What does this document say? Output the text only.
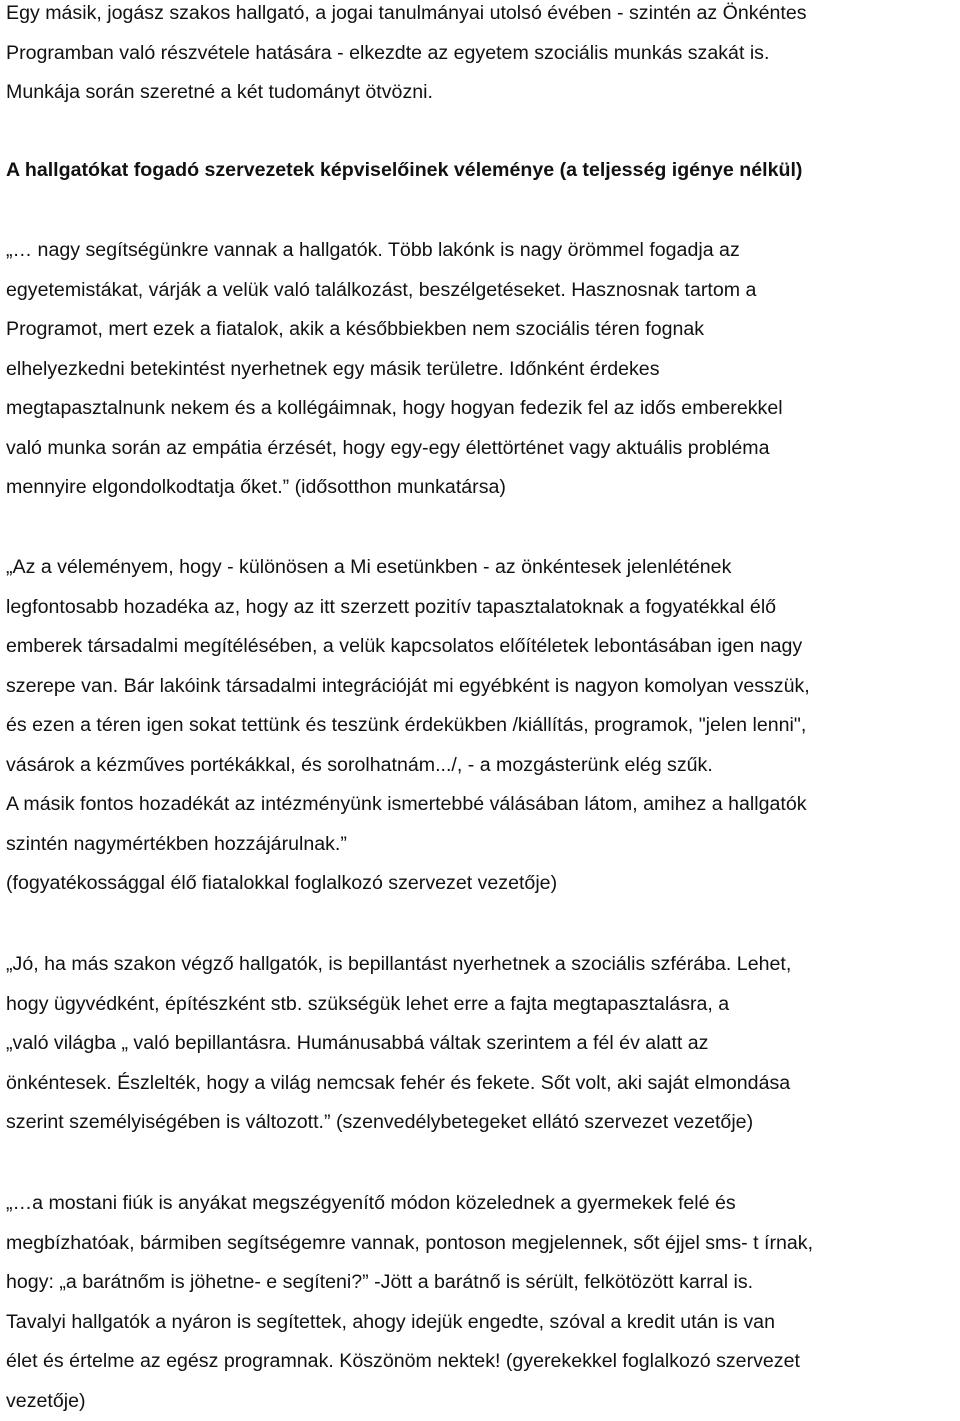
Egy másik, jogász szakos hallgató, a jogai tanulmányai utolsó évében - szintén az Önkéntes
Programban való részvétele hatására - elkezdte az egyetem szociális munkás szakát is.
Munkája során szeretné a két tudományt ötvözni.
A hallgatókat fogadó szervezetek képviselőinek véleménye (a teljesség igénye nélkül)
„… nagy segítségünkre vannak a hallgatók. Több lakónk is nagy örömmel fogadja az
egyetemistákat, várják a velük való találkozást, beszélgetéseket. Hasznosnak tartom a
Programot, mert ezek a fiatalok, akik a későbbiekben nem szociális téren fognak
elhelyezkedni betekintést nyerhetnek egy másik területre. Időnként érdekes
megtapasztalnunk nekem és a kollégáimnak, hogy hogyan fedezik fel az idős emberekkel
való munka során az empátia érzését, hogy egy-egy élettörténet vagy aktuális probléma
mennyire elgondolkodtatja őket.” (idősotthon munkatársa)
„Az a véleményem, hogy - különösen a Mi esetünkben - az önkéntesek jelenlétének
legfontosabb hozadéka az, hogy az itt szerzett pozitív tapasztalatoknak a fogyatékkal élő
emberek társadalmi megítélésében, a velük kapcsolatos előítéletek lebontásában igen nagy
szerepe van. Bár lakóink társadalmi integrációját mi egyébként is nagyon komolyan vesszük,
és ezen a téren igen sokat tettünk és teszünk érdekükben /kiállítás, programok, "jelen lenni",
vásárok a kézműves portékákkal, és sorolhatnám.../, - a mozgásterünk elég szűk.
A másik fontos hozadékát az intézményünk ismertebbé válásában látom, amihez a hallgatók
szintén nagymértékben hozzájárulnak.”
(fogyatékossággal élő fiatalokkal foglalkozó szervezet vezetője)
„Jó, ha más szakon végző hallgatók, is bepillantást nyerhetnek a szociális szférába. Lehet,
hogy ügyvédként, építészként stb. szükségük lehet erre a fajta megtapasztalásra, a
„való világba „ való bepillantásra. Humánusabbá váltak szerintem a fél év alatt az
önkéntesek. Észlelték, hogy a világ nemcsak fehér és fekete. Sőt volt, aki saját elmondása
szerint személyiségében is változott.” (szenvedélybetegeket ellátó szervezet vezetője)
„…a mostani fiúk is anyákat megszégyenítő módon közelednek a gyermekek felé és
megbízhatóak, bármiben segítségemre vannak, pontoson megjelennek, sőt éjjel sms- t írnak,
hogy: „a barátnőm is jöhetne- e segíteni?” -Jött a barátnő is sérült, felkötözött karral is.
Tavalyi hallgatók a nyáron is segítettek, ahogy idejük engedte, szóval a kredit után is van
élet és értelme az egész programnak. Köszönöm nektek! (gyerekekkel foglalkozó szervezet
vezetője)
